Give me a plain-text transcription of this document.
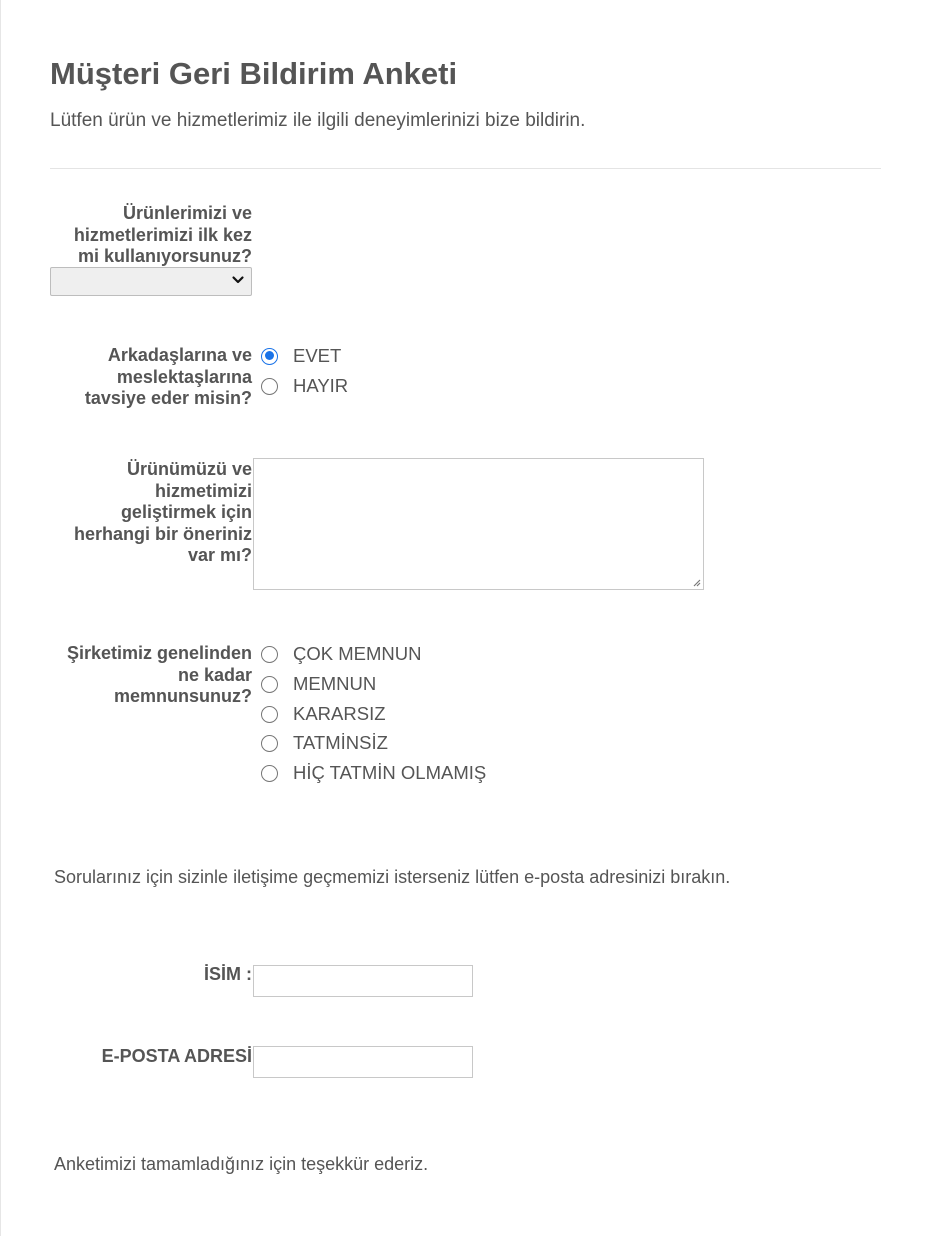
Müşteri Geri Bildirim Anketi
Lütfen ürün ve hizmetlerimiz ile ilgili deneyimlerinizi bize bildirin.
Ürünlerimizi ve
hizmetlerimizi ilk kez
mi kullanıyorsunuz?
Arkadaşlarına ve
meslektaşlarına
tavsiye eder misin?
EVET
HAYIR
Ürünümüzü ve
hizmetimizi
geliştirmek için
herhangi bir öneriniz
var mı?
Şirketimiz genelinden
ne kadar
memnunsunuz?
ÇOK MEMNUN
MEMNUN
KARARSIZ
TATMİNSİZ
HİÇ TATMİN OLMAMIŞ
Sorularınız için sizinle iletişime geçmemizi isterseniz lütfen e-posta adresinizi bırakın.
İSİM :
E-POSTA ADRESİ
Anketimizi tamamladığınız için teşekkür ederiz.
